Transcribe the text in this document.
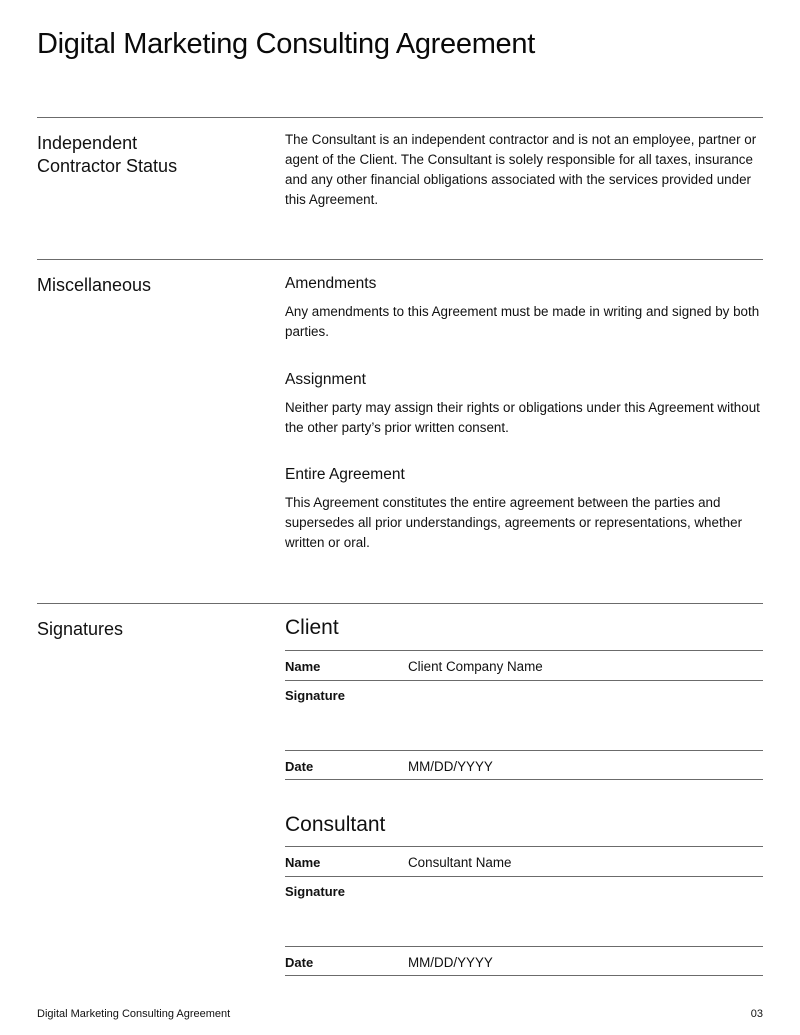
Digital Marketing Consulting Agreement
Independent
Contractor Status

The Consultant is an independent contractor and is not an employee, partner or agent of the Client. The Consultant is solely responsible for all taxes, insurance and any other financial obligations associated with the services provided under this Agreement.

Miscellaneous	Amendments

Any amendments to this Agreement must be made in writing and signed by both parties.

Assignment

Neither party may assign their rights or obligations under this Agreement without the other party’s prior written consent.

Entire Agreement

This Agreement constitutes the entire agreement between the parties and supersedes all prior understandings, agreements or representations, whether written or oral.

Signatures	Client
Name	Client Company Name
Signature
Date	MM/DD/YYYY
Consultant
Name	Consultant Name
Signature
Date	MM/DD/YYYY
Digital Marketing Consulting Agreement	03
